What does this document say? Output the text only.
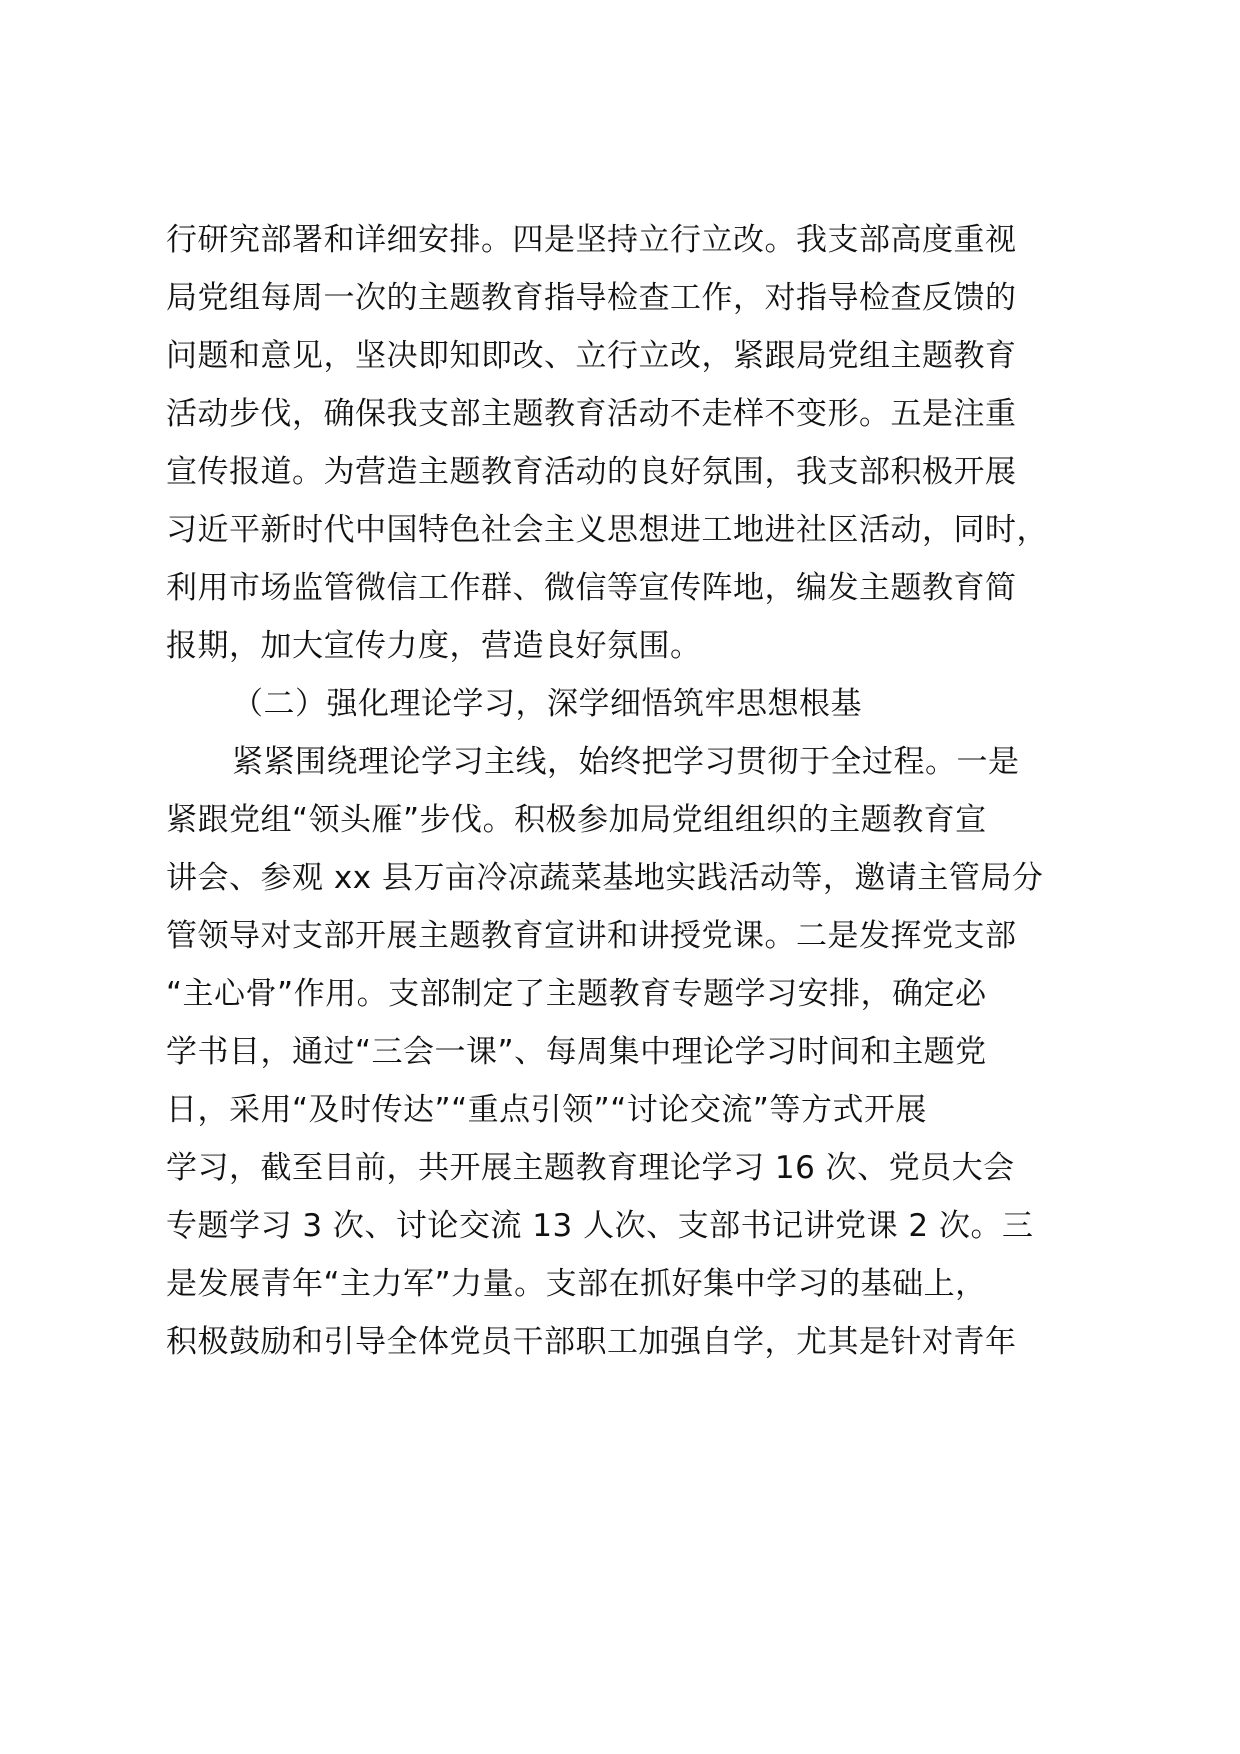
行研究部署和详细安排。四是坚持立行立改。我支部高度重视
局党组每周一次的主题教育指导检查工作，对指导检查反馈的
问题和意见，坚决即知即改、立行立改，紧跟局党组主题教育
活动步伐，确保我支部主题教育活动不走样不变形。五是注重
宣传报道。为营造主题教育活动的良好氛围，我支部积极开展
习近平新时代中国特色社会主义思想进工地进社区活动，同时，
利用市场监管微信工作群、微信等宣传阵地，编发主题教育简
报期，加大宣传力度，营造良好氛围。
（二）强化理论学习，深学细悟筑牢思想根基
紧紧围绕理论学习主线，始终把学习贯彻于全过程。一是
紧跟党组“领头雁”步伐。积极参加局党组组织的主题教育宣
讲会、参观 xx 县万亩冷凉蔬菜基地实践活动等，邀请主管局分
管领导对支部开展主题教育宣讲和讲授党课。二是发挥党支部
“主心骨”作用。支部制定了主题教育专题学习安排，确定必
学书目，通过“三会一课”、每周集中理论学习时间和主题党
日，采用“及时传达”“重点引领”“讨论交流”等方式开展
学习，截至目前，共开展主题教育理论学习 16 次、党员大会
专题学习 3 次、讨论交流 13 人次、支部书记讲党课 2 次。三
是发展青年“主力军”力量。支部在抓好集中学习的基础上，
积极鼓励和引导全体党员干部职工加强自学，尤其是针对青年
